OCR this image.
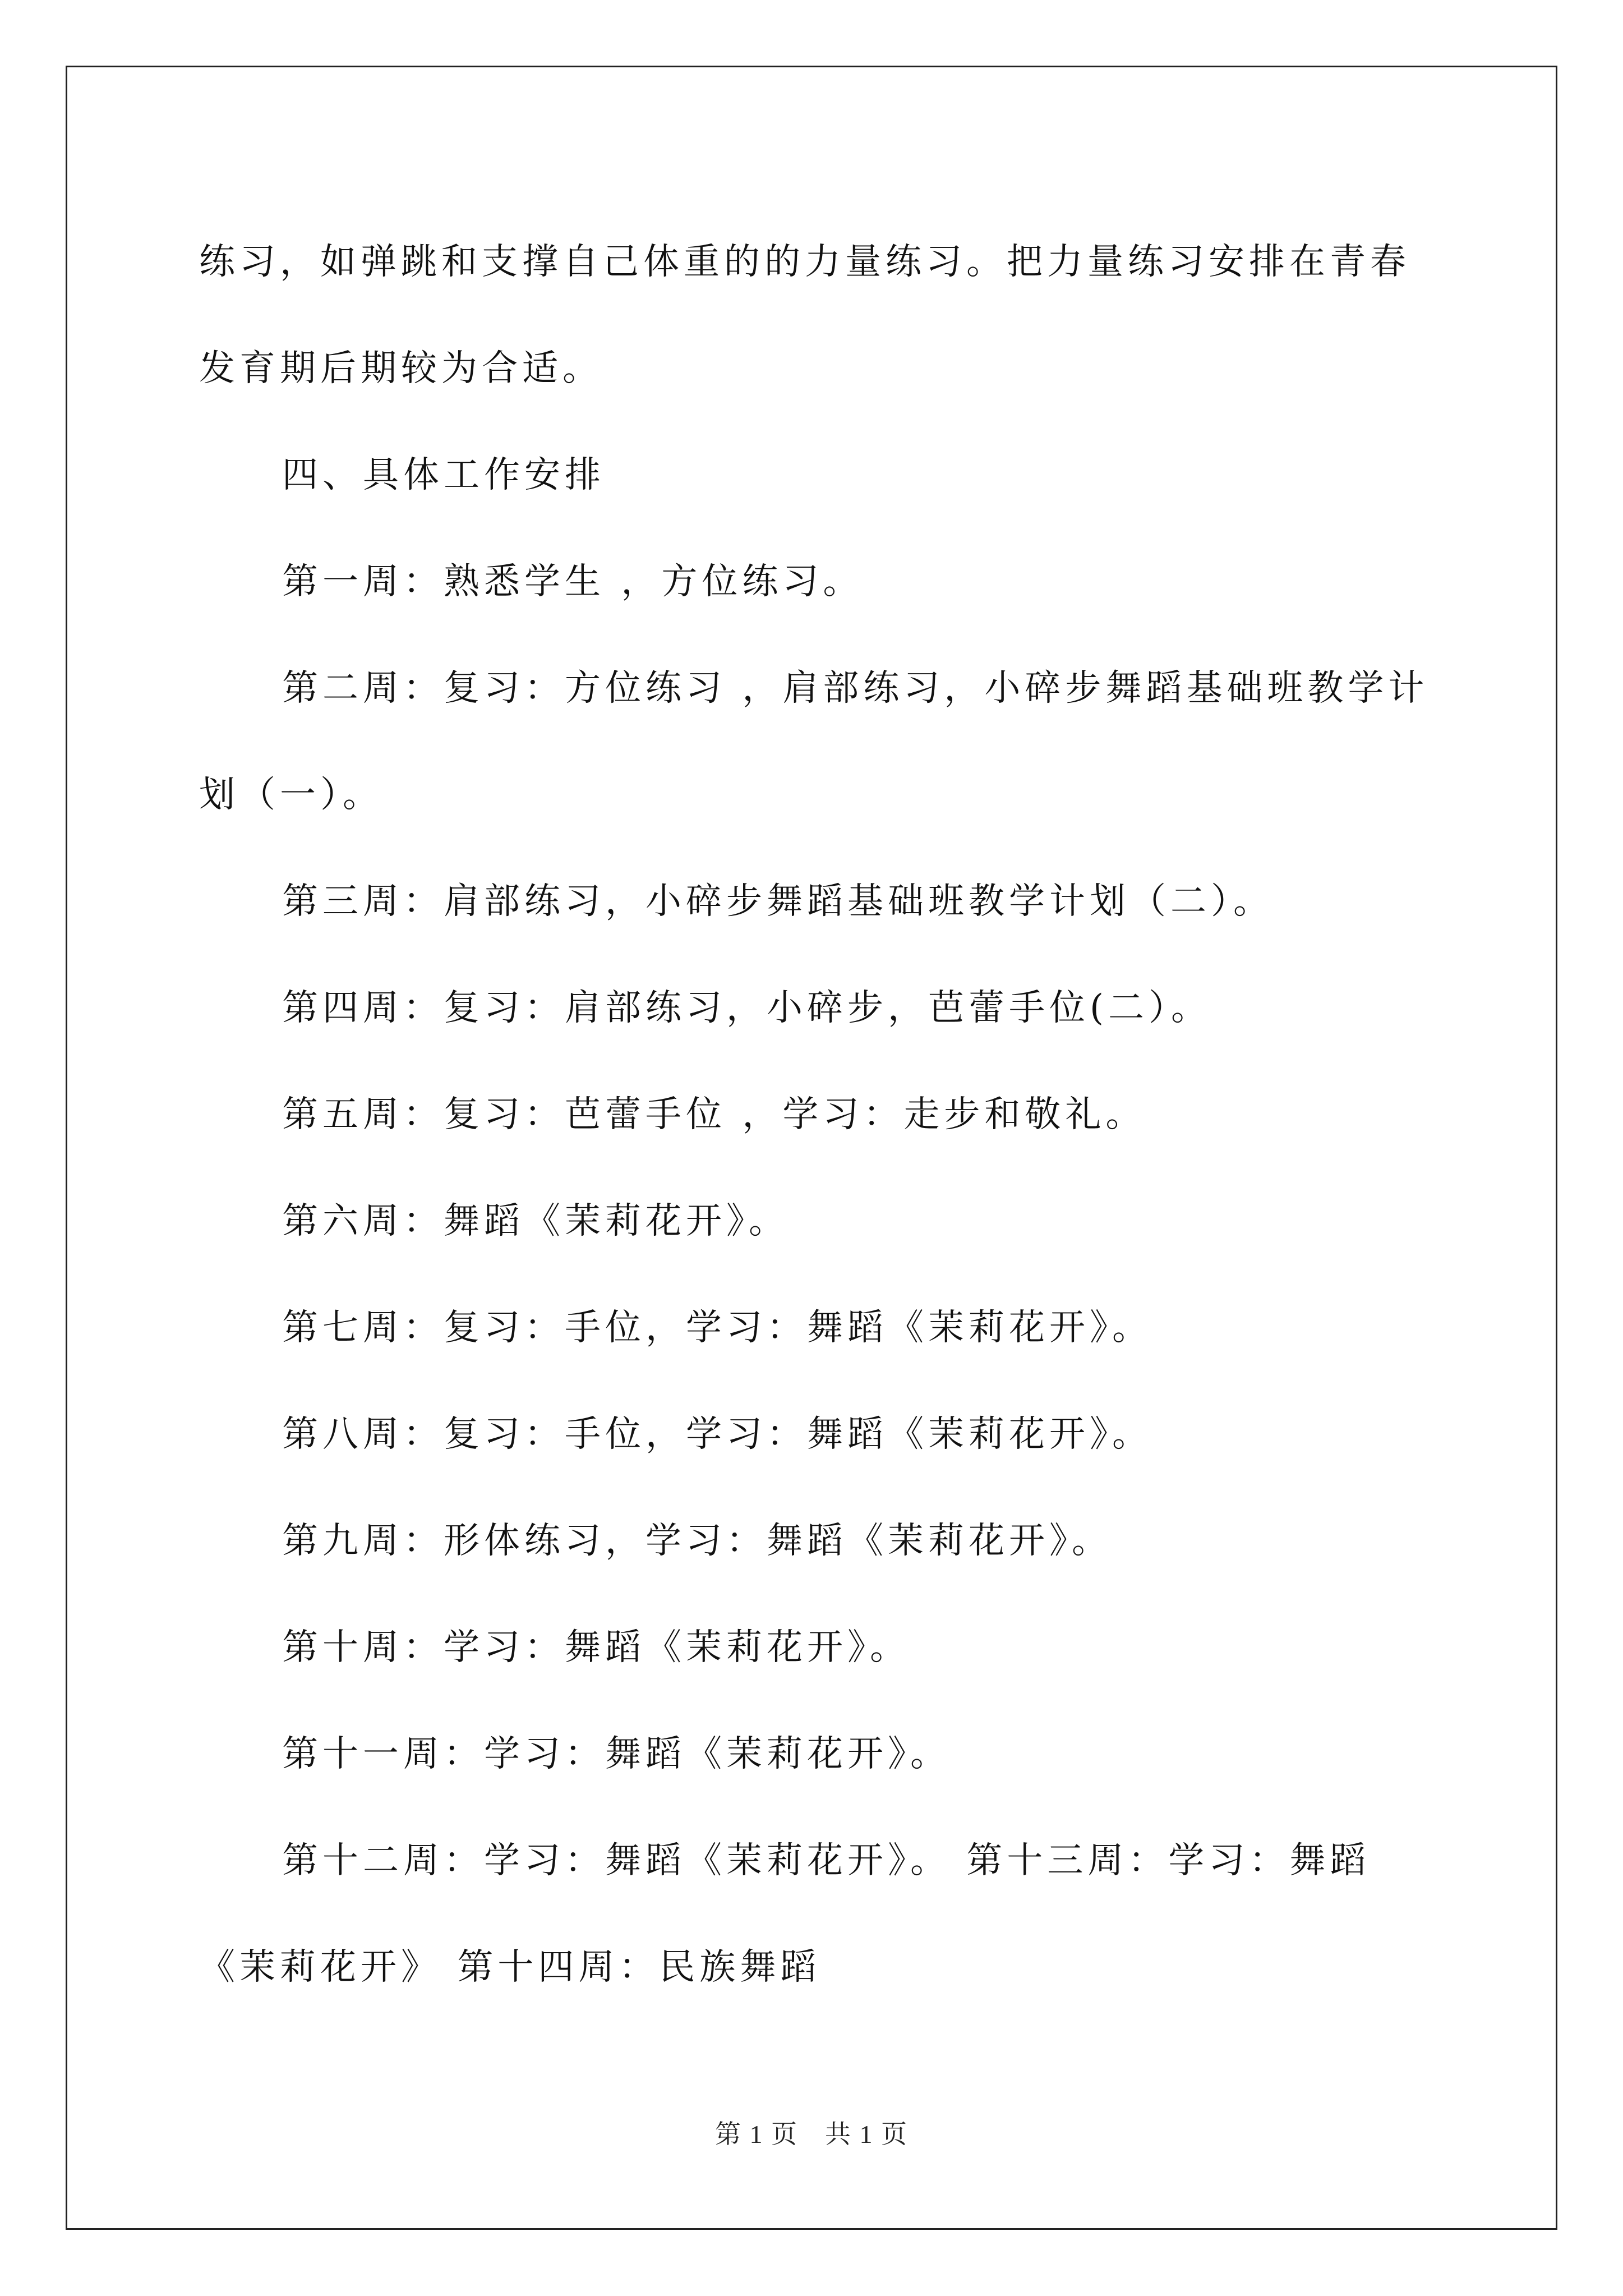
练习，如弹跳和支撑自己体重的的力量练习。把力量练习安排在青春发育期后期较为合适。

四、具体工作安排

第一周：熟悉学生 ，方位练习。

第二周：复习：方位练习 ，肩部练习，小碎步舞蹈基础班教学计划（一）。

第三周：肩部练习，小碎步舞蹈基础班教学计划（二）。

第四周：复习：肩部练习，小碎步，芭蕾手位(二）。

第五周：复习：芭蕾手位 ，学习：走步和敬礼。

第六周：舞蹈《茉莉花开》。

第七周：复习：手位，学习：舞蹈《茉莉花开》。

第八周：复习：手位，学习：舞蹈《茉莉花开》。

第九周：形体练习，学习：舞蹈《茉莉花开》。

第十周：学习：舞蹈《茉莉花开》。

第十一周：学习：舞蹈《茉莉花开》。

第十二周：学习：舞蹈《茉莉花开》。 第十三周：学习：舞蹈《茉莉花开》 第十四周：民族舞蹈

第 1 页　共 1 页
